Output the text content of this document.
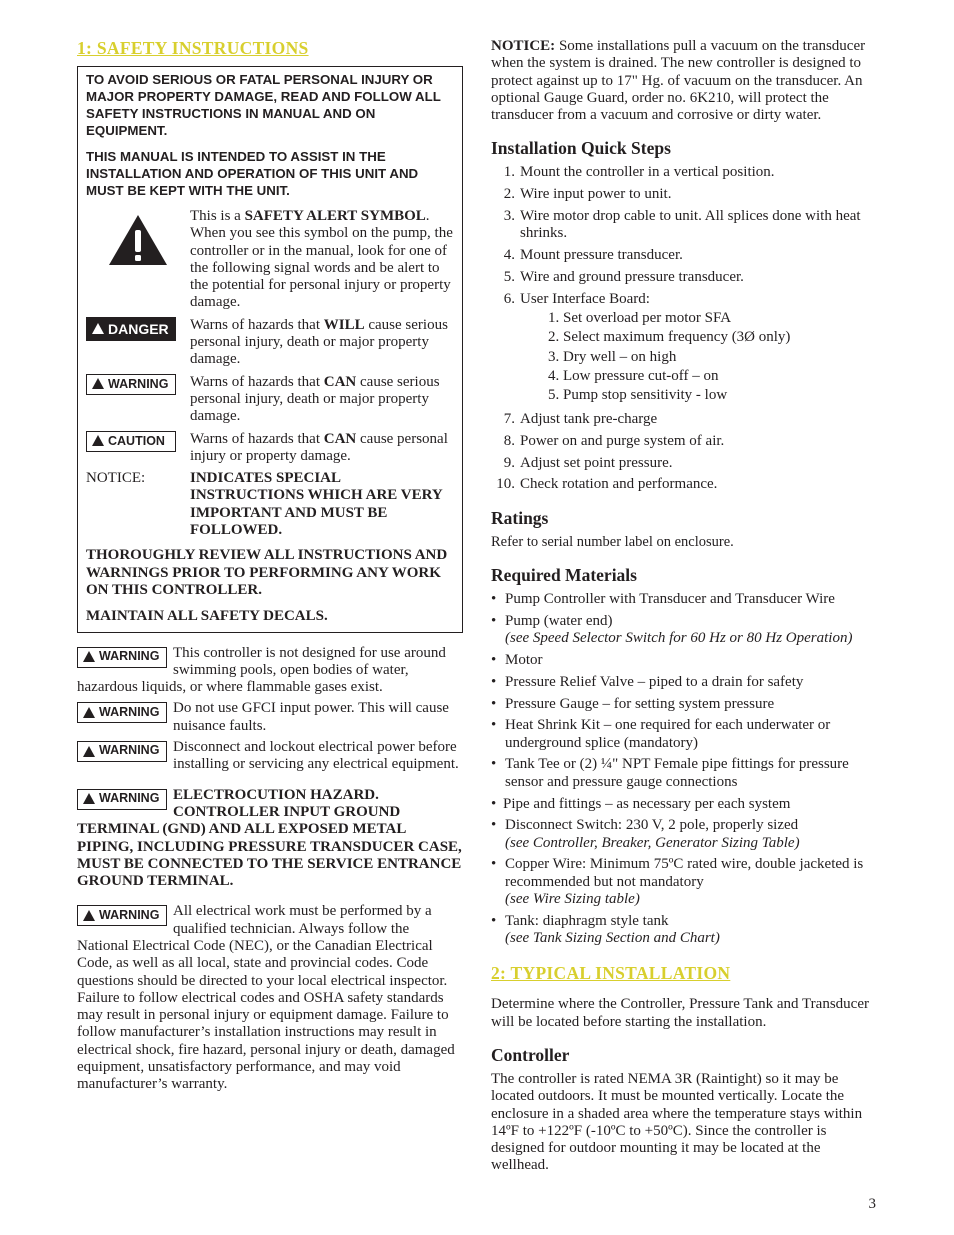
1: SAFETY INSTRUCTIONS

TO AVOID SERIOUS OR FATAL PERSONAL INJURY OR MAJOR PROPERTY DAMAGE, READ AND FOLLOW ALL SAFETY INSTRUCTIONS IN MANUAL AND ON EQUIPMENT.

THIS MANUAL IS INTENDED TO ASSIST IN THE INSTALLATION AND OPERATION OF THIS UNIT AND MUST BE KEPT WITH THE UNIT.

This is a SAFETY ALERT SYMBOL. When you see this symbol on the pump, the controller or in the manual, look for one of the following signal words and be alert to the potential for personal injury or property damage.
DANGER Warns of hazards that WILL cause serious personal injury, death or major property damage.
WARNING Warns of hazards that CAN cause serious personal injury, death or major property damage.
CAUTION Warns of hazards that CAN cause personal injury or property damage.
NOTICE:	INDICATES SPECIAL INSTRUCTIONS WHICH ARE VERY IMPORTANT AND MUST BE FOLLOWED.

THOROUGHLY REVIEW ALL INSTRUCTIONS AND WARNINGS PRIOR TO PERFORMING ANY WORK ON THIS CONTROLLER.

MAINTAIN ALL SAFETY DECALS.

WARNING This controller is not designed for use around swimming pools, open bodies of water, hazardous liquids, or where flammable gases exist.
WARNING Do not use GFCI input power. This will cause nuisance faults.
WARNING Disconnect and lockout electrical power before installing or servicing any electrical equipment.
WARNING ELECTROCUTION HAZARD. CONTROLLER INPUT GROUND TERMINAL (GND) AND ALL EXPOSED METAL PIPING, INCLUDING PRESSURE TRANSDUCER CASE, MUST BE CONNECTED TO THE SERVICE ENTRANCE GROUND TERMINAL.
WARNING All electrical work must be performed by a qualified technician. Always follow the National Electrical Code (NEC), or the Canadian Electrical Code, as well as all local, state and provincial codes. Code questions should be directed to your local electrical inspector. Failure to follow electrical codes and OSHA safety standards may result in personal injury or equipment damage. Failure to follow manufacturer’s installation instructions may result in electrical shock, fire hazard, personal injury or death, damaged equipment, unsatisfactory performance, and may void manufacturer’s warranty.

NOTICE: Some installations pull a vacuum on the transducer when the system is drained. The new controller is designed to protect against up to 17" Hg. of vacuum on the transducer. An optional Gauge Guard, order no. 6K210, will protect the transducer from a vacuum and corrosive or dirty water.

Installation Quick Steps
1. Mount the controller in a vertical position.
2. Wire input power to unit.
3. Wire motor drop cable to unit. All splices done with heat shrinks.
4. Mount pressure transducer.
5. Wire and ground pressure transducer.
6. User Interface Board:
1. Set overload per motor SFA
2. Select maximum frequency (3Ø only)
3. Dry well – on high
4. Low pressure cut-off – on
5. Pump stop sensitivity - low
7. Adjust tank pre-charge
8. Power on and purge system of air.
9. Adjust set point pressure.
10. Check rotation and performance.
Ratings

Refer to serial number label on enclosure.

Required Materials
• Pump Controller with Transducer and Transducer Wire
• Pump (water end)
(see Speed Selector Switch for 60 Hz or 80 Hz Operation)
• Motor
• Pressure Relief Valve – piped to a drain for safety
• Pressure Gauge – for setting system pressure
• Heat Shrink Kit – one required for each underwater or underground splice (mandatory)
• Tank Tee or (2) ¼" NPT Female pipe fittings for pressure sensor and pressure gauge connections
• Pipe and fittings – as necessary per each system
• Disconnect Switch: 230 V, 2 pole, properly sized
(see Controller, Breaker, Generator Sizing Table)
• Copper Wire: Minimum 75ºC rated wire, double jacketed is recommended but not mandatory
(see Wire Sizing table)
• Tank: diaphragm style tank
(see Tank Sizing Section and Chart)
2: TYPICAL INSTALLATION

Determine where the Controller, Pressure Tank and Transducer will be located before starting the installation.

Controller

The controller is rated NEMA 3R (Raintight) so it may be located outdoors. It must be mounted vertically. Locate the enclosure in a shaded area where the temperature stays within 14ºF to +122ºF (-10ºC to +50ºC). Since the controller is designed for outdoor mounting it may be located at the wellhead.

3
